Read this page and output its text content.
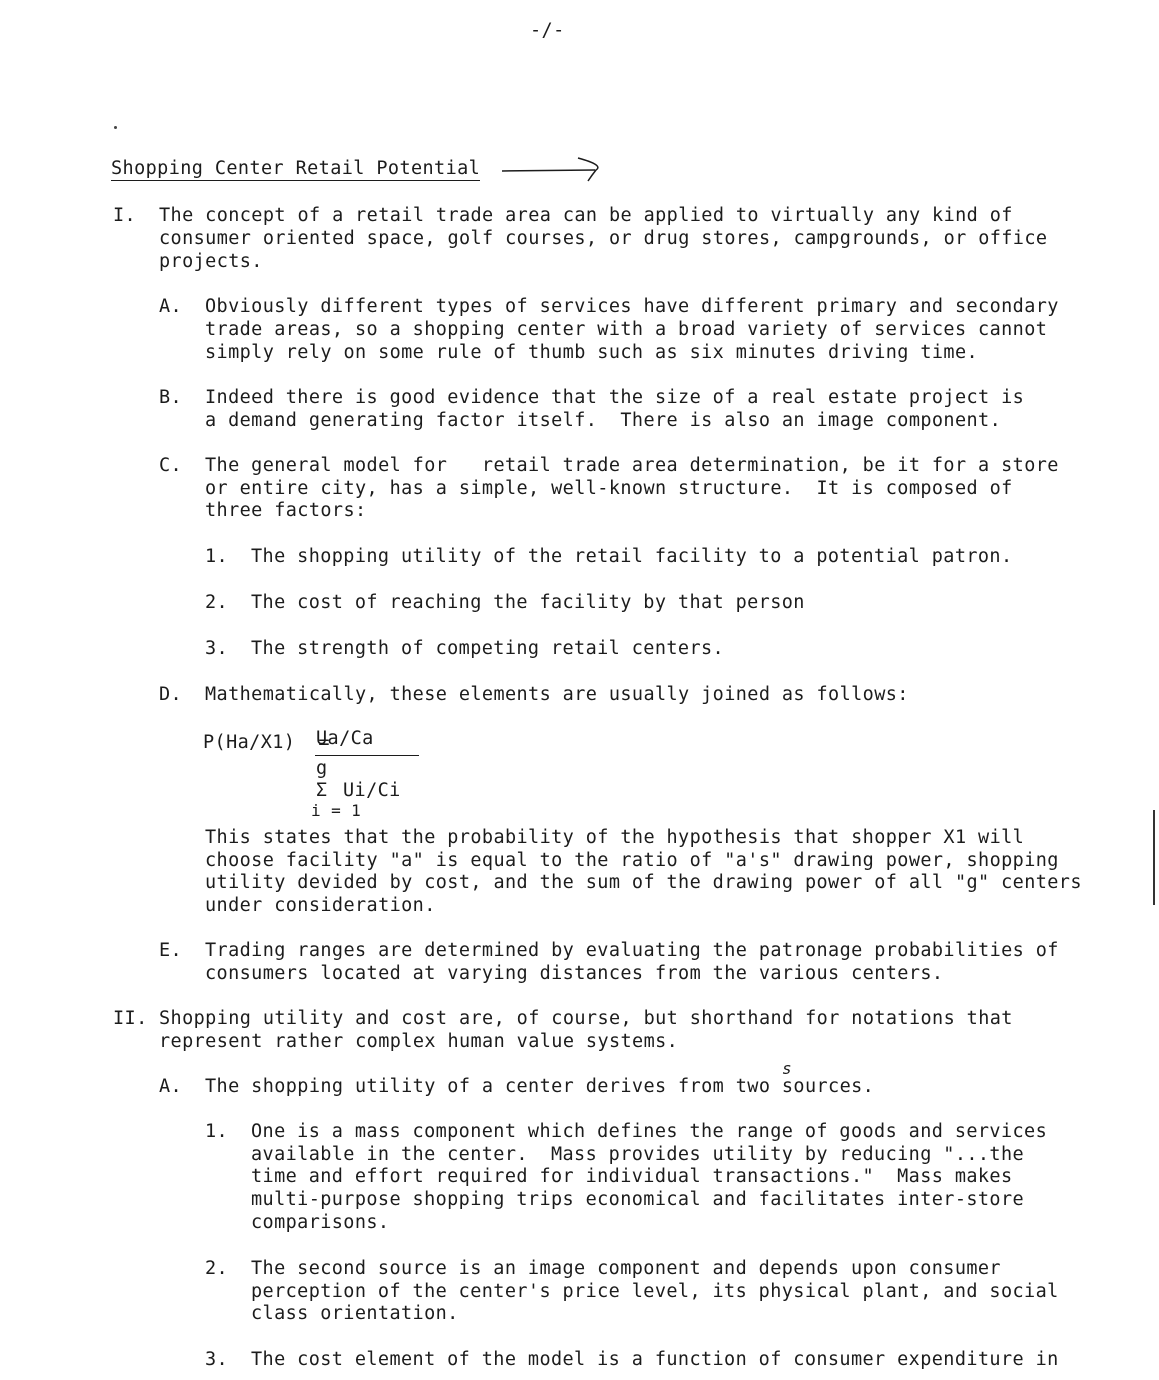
-/-
Shopping Center Retail Potential
I. The concept of a retail trade area can be applied to virtually any kind of
consumer oriented space, golf courses, or drug stores, campgrounds, or office
projects.
A. Obviously different types of services have different primary and secondary
trade areas, so a shopping center with a broad variety of services cannot
simply rely on some rule of thumb such as six minutes driving time.
B. Indeed there is good evidence that the size of a real estate project is
a demand generating factor itself.  There is also an image component.
C. The general model for   retail trade area determination, be it for a store
or entire city, has a simple, well-known structure.  It is composed of
three factors:
1. The shopping utility of the retail facility to a potential patron.
2. The cost of reaching the facility by that person
3. The strength of competing retail centers.
D. Mathematically, these elements are usually joined as follows:
P(Ha/X1)  =
Ua/Ca
g
Σ Ui/Ci
i = 1
This states that the probability of the hypothesis that shopper X1 will
choose facility "a" is equal to the ratio of "a's" drawing power, shopping
utility devided by cost, and the sum of the drawing power of all "g" centers
under consideration.
E. Trading ranges are determined by evaluating the patronage probabilities of
consumers located at varying distances from the various centers.
II. Shopping utility and cost are, of course, but shorthand for notations that
represent rather complex human value systems.
A. The shopping utility of a center derives from two sources.
s
1. One is a mass component which defines the range of goods and services
available in the center.  Mass provides utility by reducing "...the
time and effort required for individual transactions."  Mass makes
multi-purpose shopping trips economical and facilitates inter-store
comparisons.
2. The second source is an image component and depends upon consumer
perception of the center's price level, its physical plant, and social
class orientation.
3. The cost element of the model is a function of consumer expenditure in
